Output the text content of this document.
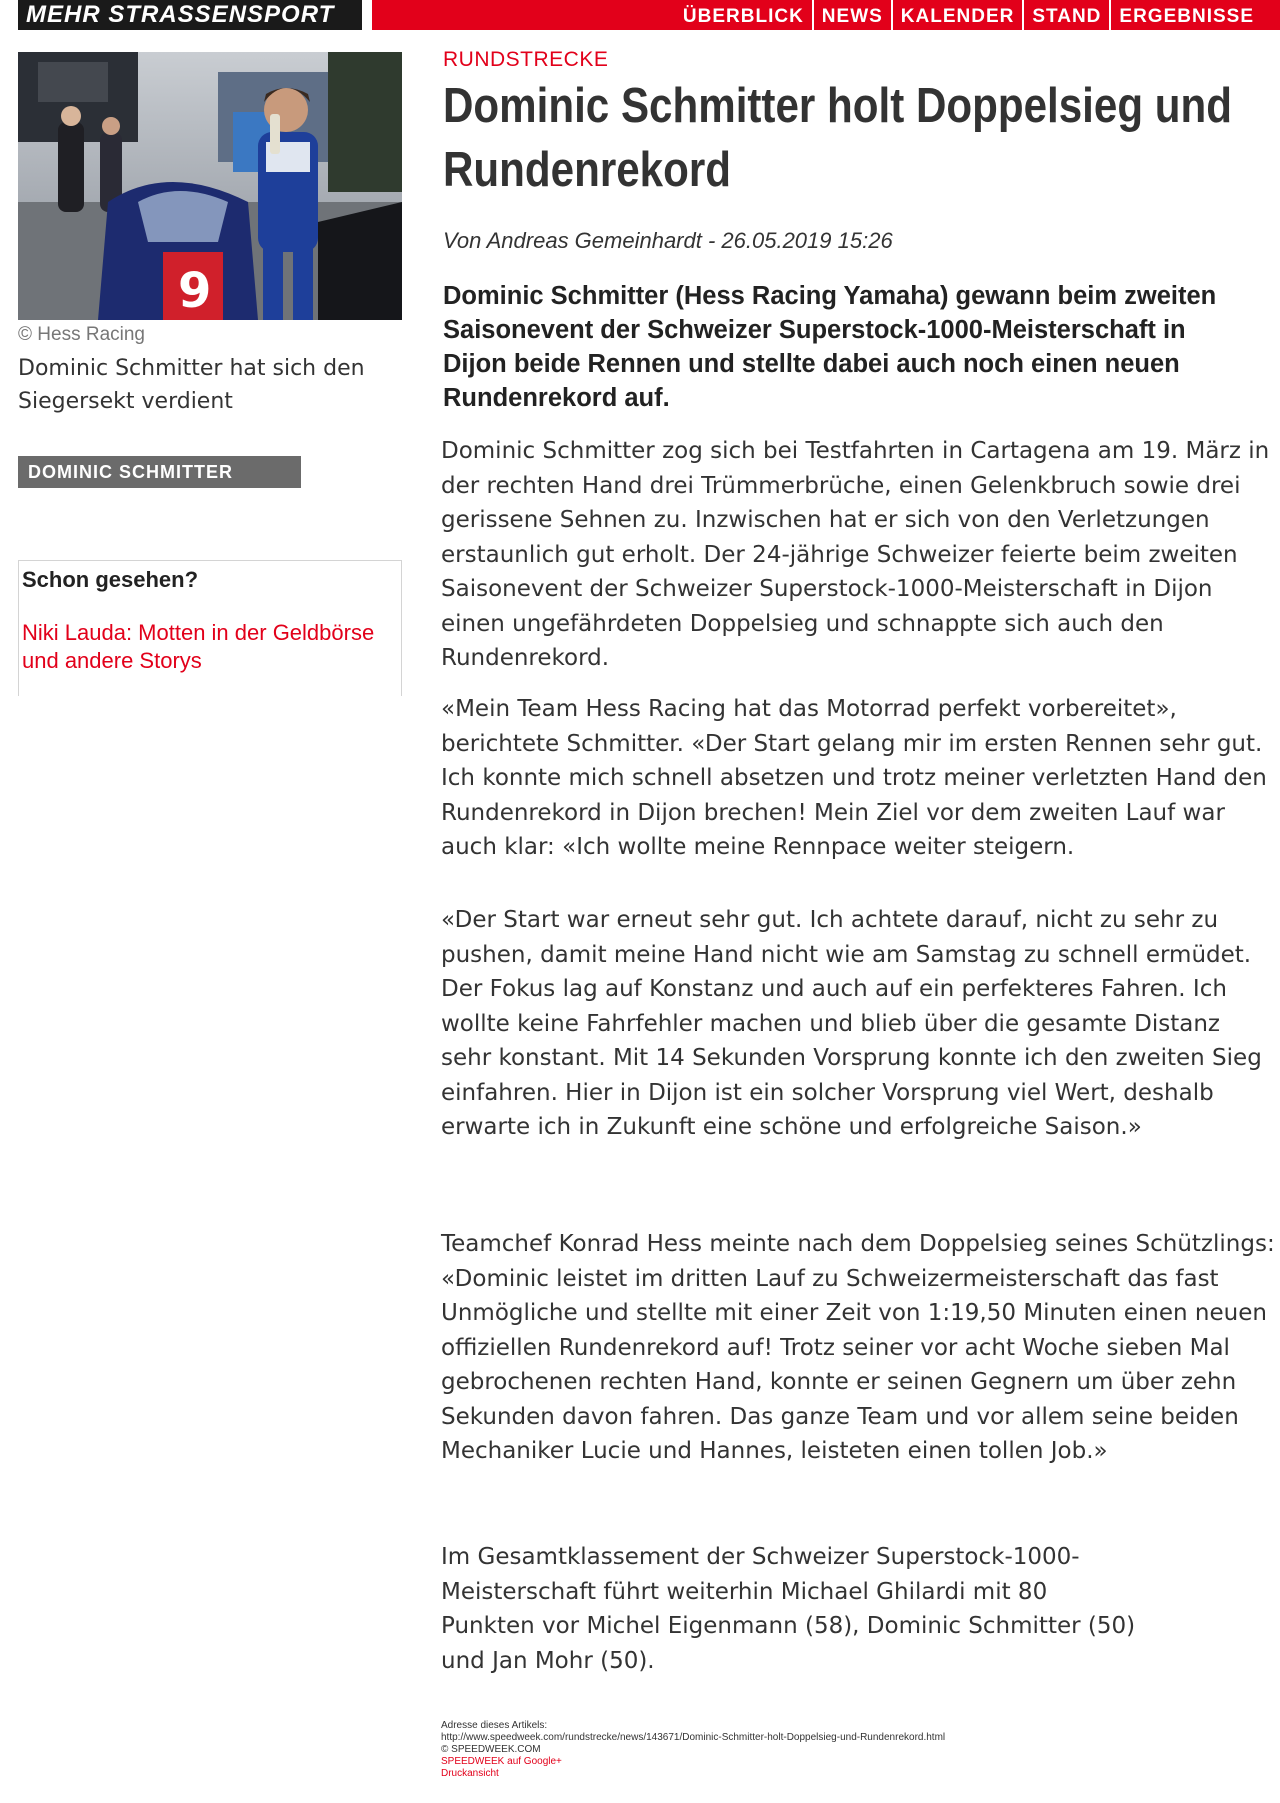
MEHR STRASSENSPORT	ÜBERBLICK NEWS KALENDER STAND ERGEBNISSE
9
© Hess Racing
Dominic Schmitter hat sich den Siegersekt verdient
DOMINIC SCHMITTER
Schon gesehen?
Niki Lauda: Motten in der Geldbörse und andere Storys
RUNDSTRECKE
Dominic Schmitter holt Doppelsieg und
Rundenrekord
Von Andreas Gemeinhardt - 26.05.2019 15:26
Dominic Schmitter (Hess Racing Yamaha) gewann beim zweiten Saisonevent der Schweizer Superstock-1000-Meisterschaft in Dijon beide Rennen und stellte dabei auch noch einen neuen Rundenrekord auf.

Dominic Schmitter zog sich bei Testfahrten in Cartagena am 19. März in der rechten Hand drei Trümmerbrüche, einen Gelenkbruch sowie drei gerissene Sehnen zu. Inzwischen hat er sich von den Verletzungen erstaunlich gut erholt. Der 24-jährige Schweizer feierte beim zweiten Saisonevent der Schweizer Superstock-1000-Meisterschaft in Dijon einen ungefährdeten Doppelsieg und schnappte sich auch den Rundenrekord.

«Mein Team Hess Racing hat das Motorrad perfekt vorbereitet», berichtete Schmitter. «Der Start gelang mir im ersten Rennen sehr gut. Ich konnte mich schnell absetzen und trotz meiner verletzten Hand den Rundenrekord in Dijon brechen! Mein Ziel vor dem zweiten Lauf war auch klar: «Ich wollte meine Rennpace weiter steigern.

«Der Start war erneut sehr gut. Ich achtete darauf, nicht zu sehr zu pushen, damit meine Hand nicht wie am Samstag zu schnell ermüdet. Der Fokus lag auf Konstanz und auch auf ein perfekteres Fahren. Ich wollte keine Fahrfehler machen und blieb über die gesamte Distanz sehr konstant. Mit 14 Sekunden Vorsprung konnte ich den zweiten Sieg einfahren. Hier in Dijon ist ein solcher Vorsprung viel Wert, deshalb erwarte ich in Zukunft eine schöne und erfolgreiche Saison.»

Teamchef Konrad Hess meinte nach dem Doppelsieg seines Schützlings: «Dominic leistet im dritten Lauf zu Schweizermeisterschaft das fast Unmögliche und stellte mit einer Zeit von 1:19,50 Minuten einen neuen offiziellen Rundenrekord auf! Trotz seiner vor acht Woche sieben Mal gebrochenen rechten Hand, konnte er seinen Gegnern um über zehn Sekunden davon fahren. Das ganze Team und vor allem seine beiden Mechaniker Lucie und Hannes, leisteten einen tollen Job.»

Im Gesamtklassement der Schweizer Superstock-1000-Meisterschaft führt weiterhin Michael Ghilardi mit 80 Punkten vor Michel Eigenmann (58), Dominic Schmitter (50) und Jan Mohr (50).

Adresse dieses Artikels:
http://www.speedweek.com/rundstrecke/news/143671/Dominic-Schmitter-holt-Doppelsieg-und-Rundenrekord.html
© SPEEDWEEK.COM
SPEEDWEEK auf Google+
Druckansicht
